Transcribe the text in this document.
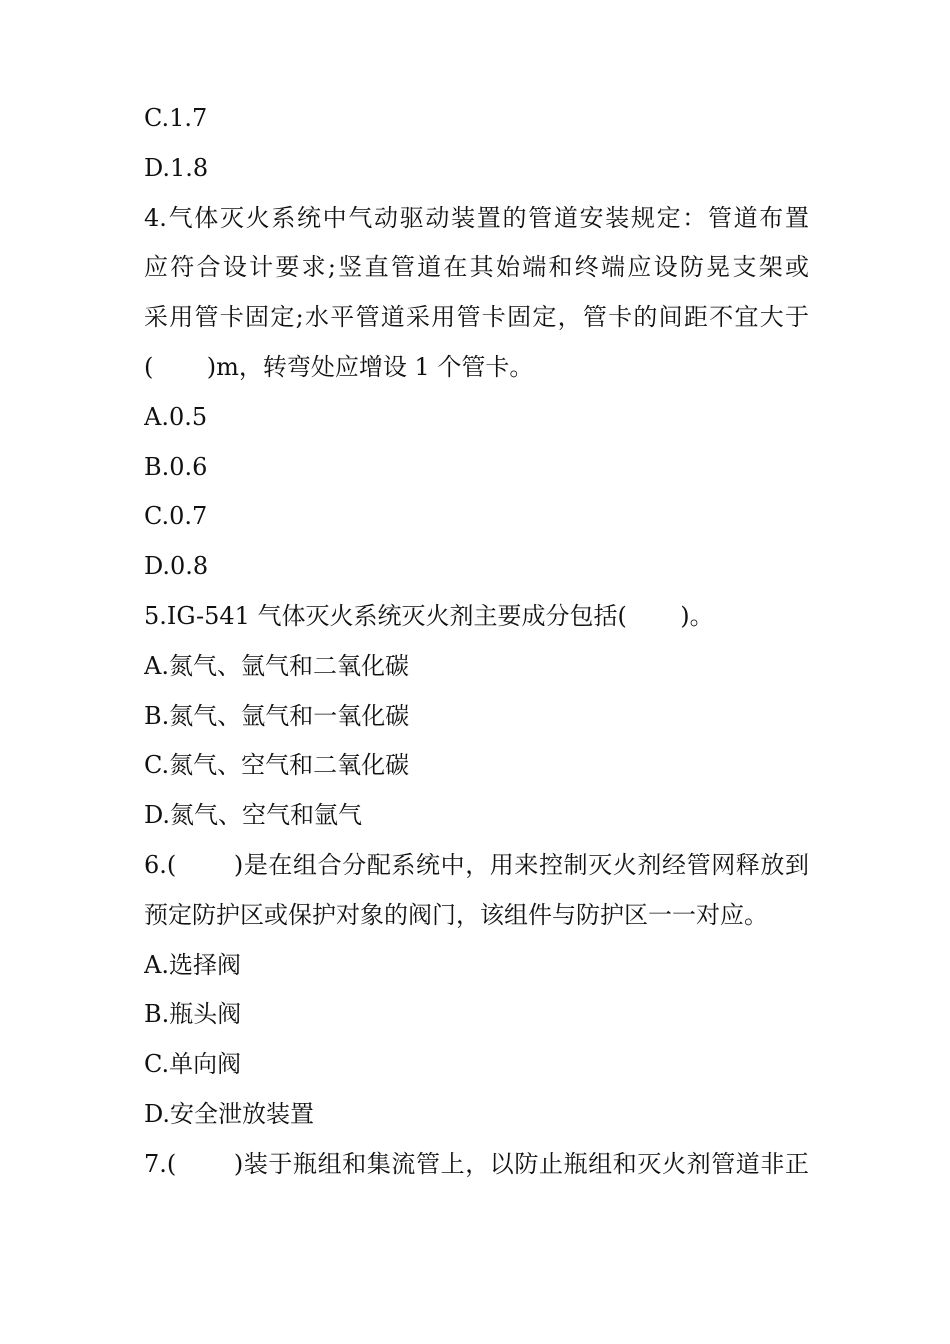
C.1.7
D.1.8
4.气体灭火系统中气动驱动装置的管道安装规定：管道布置
应符合设计要求;竖直管道在其始端和终端应设防晃支架或
采用管卡固定;水平管道采用管卡固定，管卡的间距不宜大于
(       )m，转弯处应增设 1 个管卡。
A.0.5
B.0.6
C.0.7
D.0.8
5.IG-541 气体灭火系统灭火剂主要成分包括(       )。
A.氮气、氩气和二氧化碳
B.氮气、氩气和一氧化碳
C.氮气、空气和二氧化碳
D.氮气、空气和氩气
6.(       )是在组合分配系统中，用来控制灭火剂经管网释放到
预定防护区或保护对象的阀门，该组件与防护区一一对应。
A.选择阀
B.瓶头阀
C.单向阀
D.安全泄放装置
7.(       )装于瓶组和集流管上，以防止瓶组和灭火剂管道非正
